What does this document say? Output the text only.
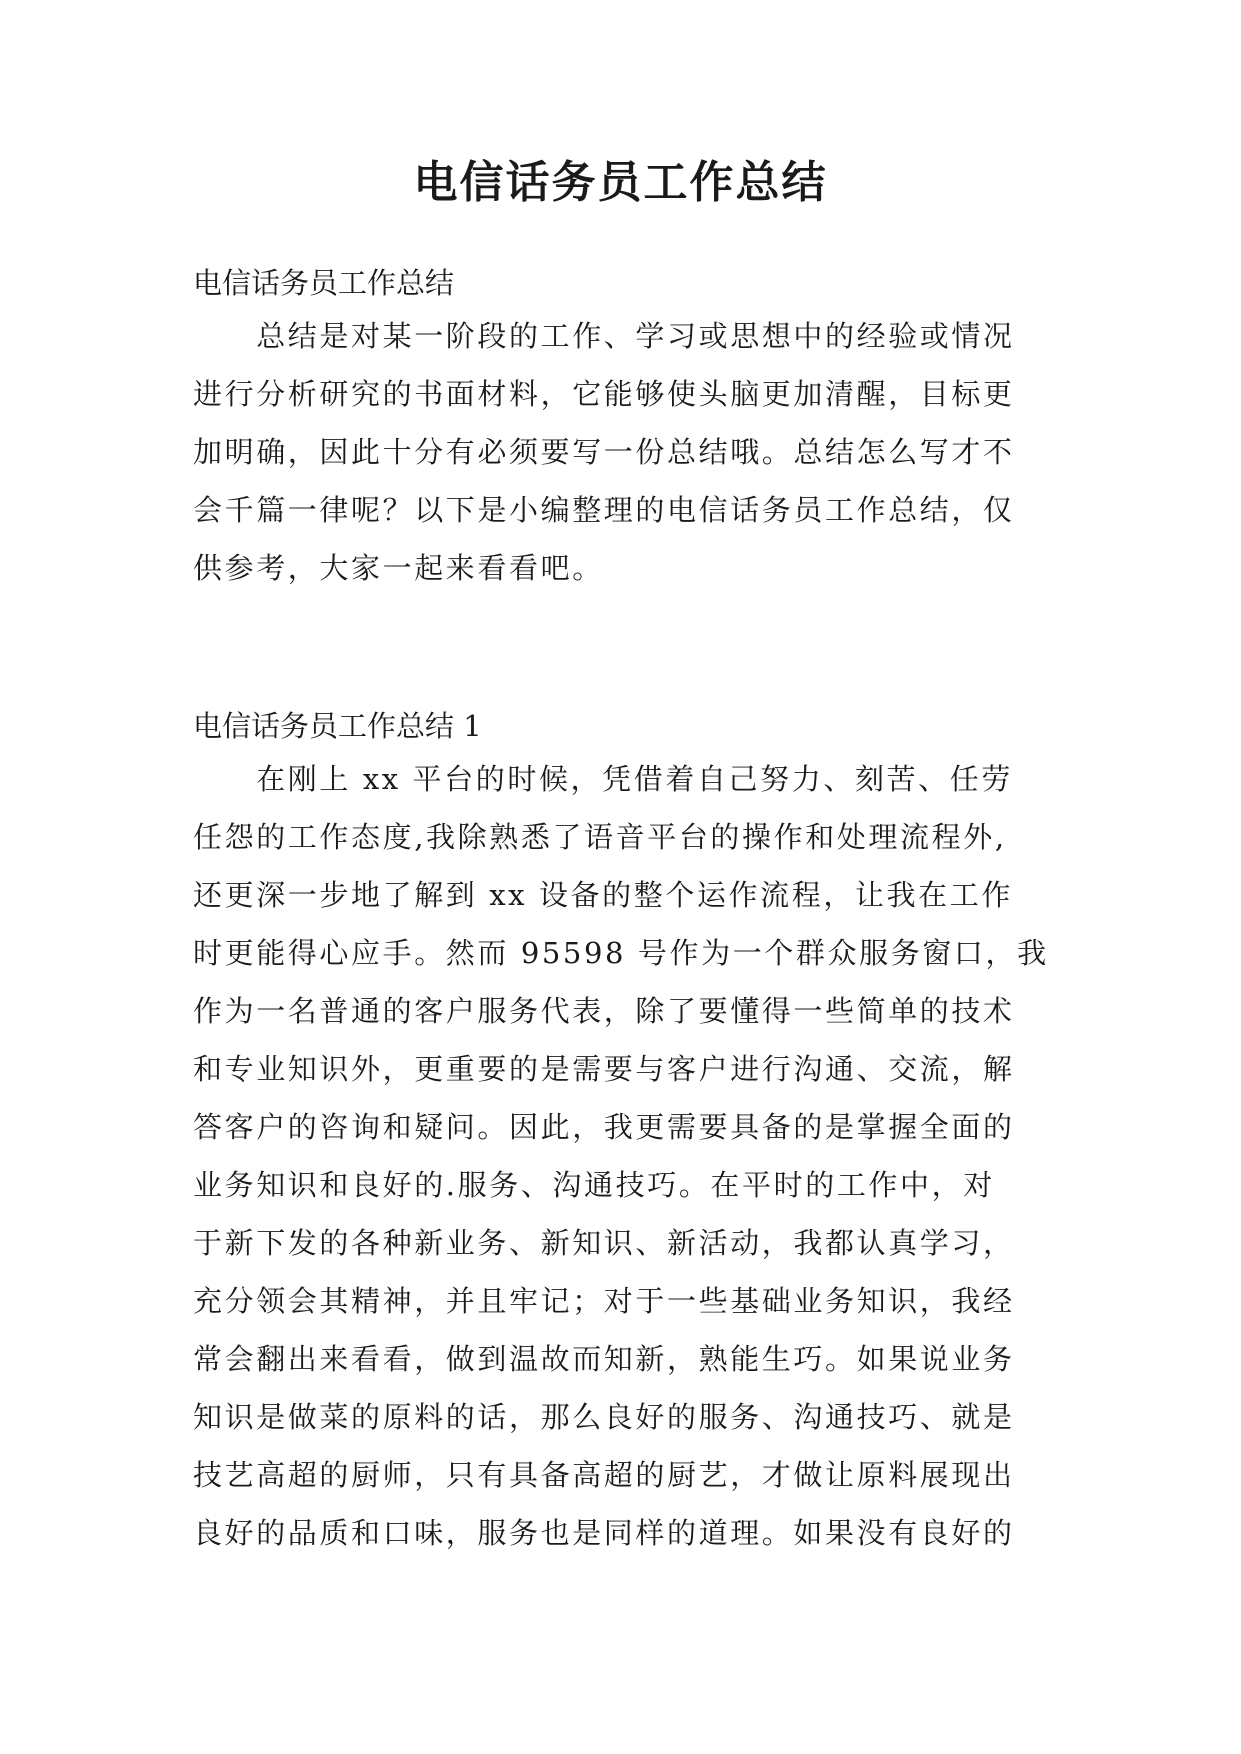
电信话务员工作总结
电信话务员工作总结
　　总结是对某一阶段的工作、学习或思想中的经验或情况
进行分析研究的书面材料，它能够使头脑更加清醒，目标更
加明确，因此十分有必须要写一份总结哦。总结怎么写才不
会千篇一律呢？以下是小编整理的电信话务员工作总结，仅
供参考，大家一起来看看吧。
电信话务员工作总结 1
　　在刚上 xx 平台的时候，凭借着自己努力、刻苦、任劳
任怨的工作态度,我除熟悉了语音平台的操作和处理流程外,
还更深一步地了解到 xx 设备的整个运作流程，让我在工作
时更能得心应手。然而 95598 号作为一个群众服务窗口，我
作为一名普通的客户服务代表，除了要懂得一些简单的技术
和专业知识外，更重要的是需要与客户进行沟通、交流，解
答客户的咨询和疑问。因此，我更需要具备的是掌握全面的
业务知识和良好的.服务、沟通技巧。在平时的工作中，对
于新下发的各种新业务、新知识、新活动，我都认真学习，
充分领会其精神，并且牢记；对于一些基础业务知识，我经
常会翻出来看看，做到温故而知新，熟能生巧。如果说业务
知识是做菜的原料的话，那么良好的服务、沟通技巧、就是
技艺高超的厨师，只有具备高超的厨艺，才做让原料展现出
良好的品质和口味，服务也是同样的道理。如果没有良好的
